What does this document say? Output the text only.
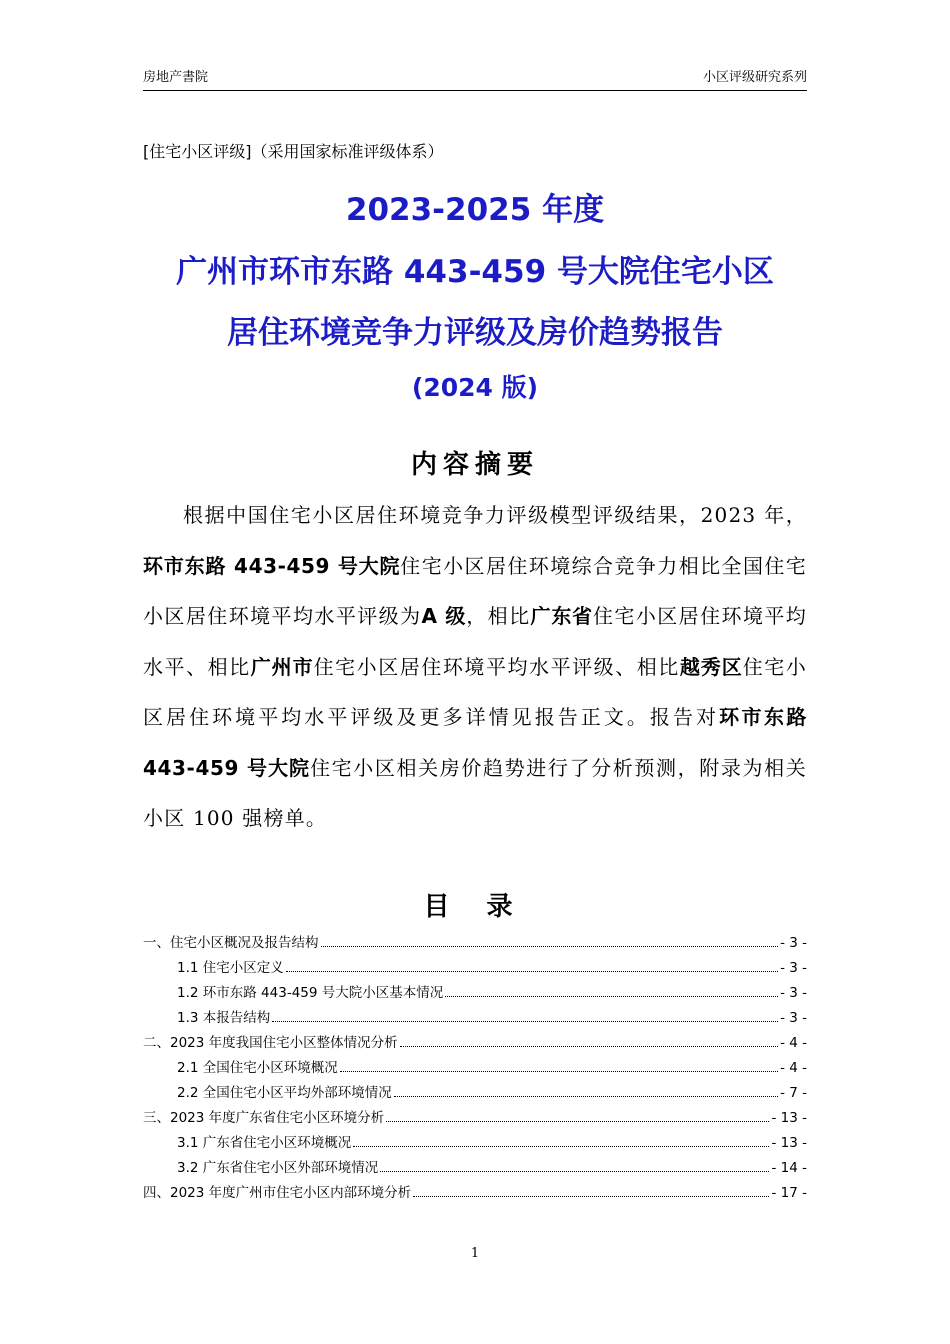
房地产書院	小区评级研究系列
[住宅小区评级]（采用国家标准评级体系）
2023-2025 年度
广州市环市东路 443-459 号大院住宅小区
居住环境竞争力评级及房价趋势报告
(2024 版)
内容摘要

根据中国住宅小区居住环境竞争力评级模型评级结果，2023 年，环市东路 443-459 号大院住宅小区居住环境综合竞争力相比全国住宅小区居住环境平均水平评级为A 级，相比广东省住宅小区居住环境平均水平、相比广州市住宅小区居住环境平均水平评级、相比越秀区住宅小区居住环境平均水平评级及更多详情见报告正文。报告对环市东路 443-459 号大院住宅小区相关房价趋势进行了分析预测，附录为相关小区 100 强榜单。

目 录
一、住宅小区概况及报告结构	- 3 -
1.1 住宅小区定义	- 3 -
1.2 环市东路 443-459 号大院小区基本情况	- 3 -
1.3 本报告结构	- 3 -
二、2023 年度我国住宅小区整体情况分析	- 4 -
2.1 全国住宅小区环境概况	- 4 -
2.2 全国住宅小区平均外部环境情况	- 7 -
三、2023 年度广东省住宅小区环境分析	- 13 -
3.1 广东省住宅小区环境概况	- 13 -
3.2 广东省住宅小区外部环境情况	- 14 -
四、2023 年度广州市住宅小区内部环境分析	- 17 -
1
